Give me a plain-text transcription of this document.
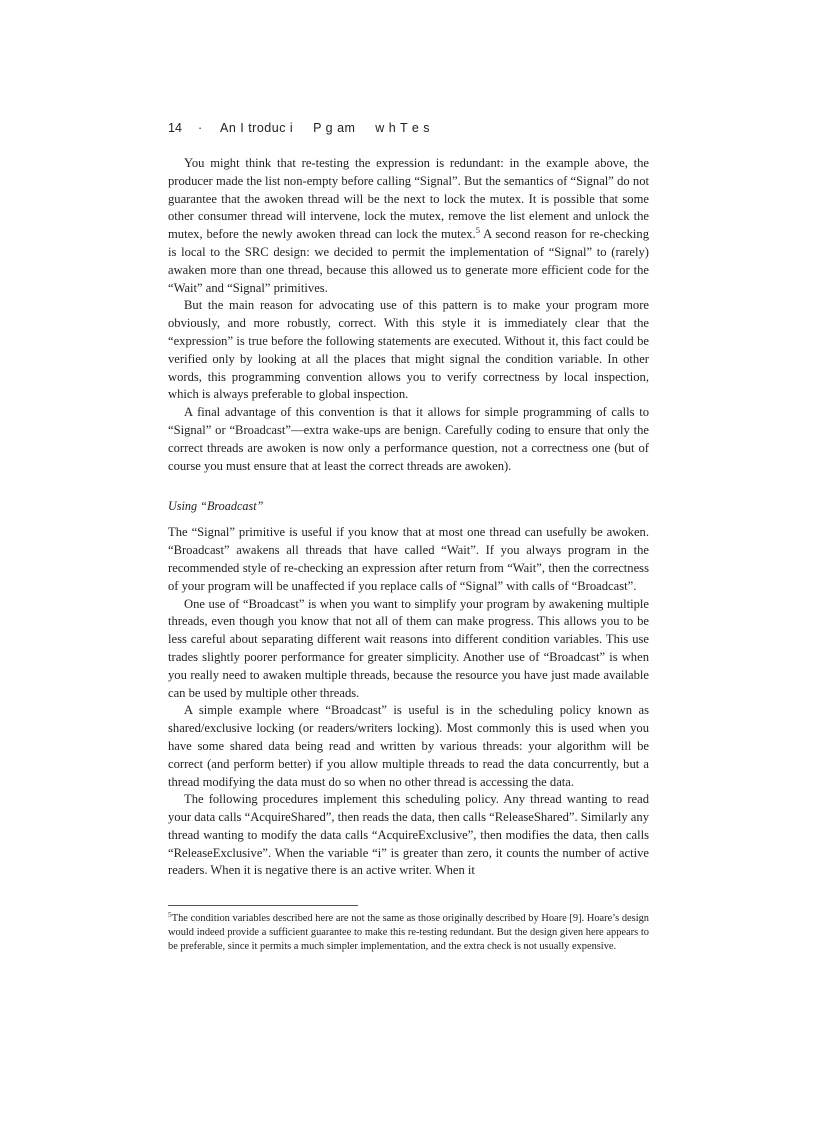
14 · An I troduc i     P g am     w h T e s

You might think that re-testing the expression is redundant: in the example above, the producer made the list non-empty before calling “Signal”. But the semantics of “Signal” do not guarantee that the awoken thread will be the next to lock the mutex. It is possible that some other consumer thread will intervene, lock the mutex, remove the list element and unlock the mutex, before the newly awoken thread can lock the mutex.$^5$ A second reason for re-checking is local to the SRC design: we decided to permit the implementation of “Signal” to (rarely) awaken more than one thread, because this allowed us to generate more efficient code for the “Wait” and “Signal” primitives.

But the main reason for advocating use of this pattern is to make your program more obviously, and more robustly, correct. With this style it is immediately clear that the “expression” is true before the following statements are executed. Without it, this fact could be verified only by looking at all the places that might signal the condition variable. In other words, this programming convention allows you to verify correctness by local inspection, which is always preferable to global inspection.

A final advantage of this convention is that it allows for simple programming of calls to “Signal” or “Broadcast”—extra wake-ups are benign. Carefully coding to ensure that only the correct threads are awoken is now only a performance question, not a correctness one (but of course you must ensure that at least the correct threads are awoken).

Using “Broadcast”

The “Signal” primitive is useful if you know that at most one thread can usefully be awoken. “Broadcast” awakens all threads that have called “Wait”. If you always program in the recommended style of re-checking an expression after return from “Wait”, then the correctness of your program will be unaffected if you replace calls of “Signal” with calls of “Broadcast”.

One use of “Broadcast” is when you want to simplify your program by awakening multiple threads, even though you know that not all of them can make progress. This allows you to be less careful about separating different wait reasons into different condition variables. This use trades slightly poorer performance for greater simplicity. Another use of “Broadcast” is when you really need to awaken multiple threads, because the resource you have just made available can be used by multiple other threads.

A simple example where “Broadcast” is useful is in the scheduling policy known as shared/exclusive locking (or readers/writers locking). Most commonly this is used when you have some shared data being read and written by various threads: your algorithm will be correct (and perform better) if you allow multiple threads to read the data concurrently, but a thread modifying the data must do so when no other thread is accessing the data.

The following procedures implement this scheduling policy. Any thread wanting to read your data calls “AcquireShared”, then reads the data, then calls “ReleaseShared”. Similarly any thread wanting to modify the data calls “AcquireExclusive”, then modifies the data, then calls “ReleaseExclusive”. When the variable “i” is greater than zero, it counts the number of active readers. When it is negative there is an active writer. When it

$^5$The condition variables described here are not the same as those originally described by Hoare [9]. Hoare’s design would indeed provide a sufficient guarantee to make this re-testing redundant. But the design given here appears to be preferable, since it permits a much simpler implementation, and the extra check is not usually expensive.
